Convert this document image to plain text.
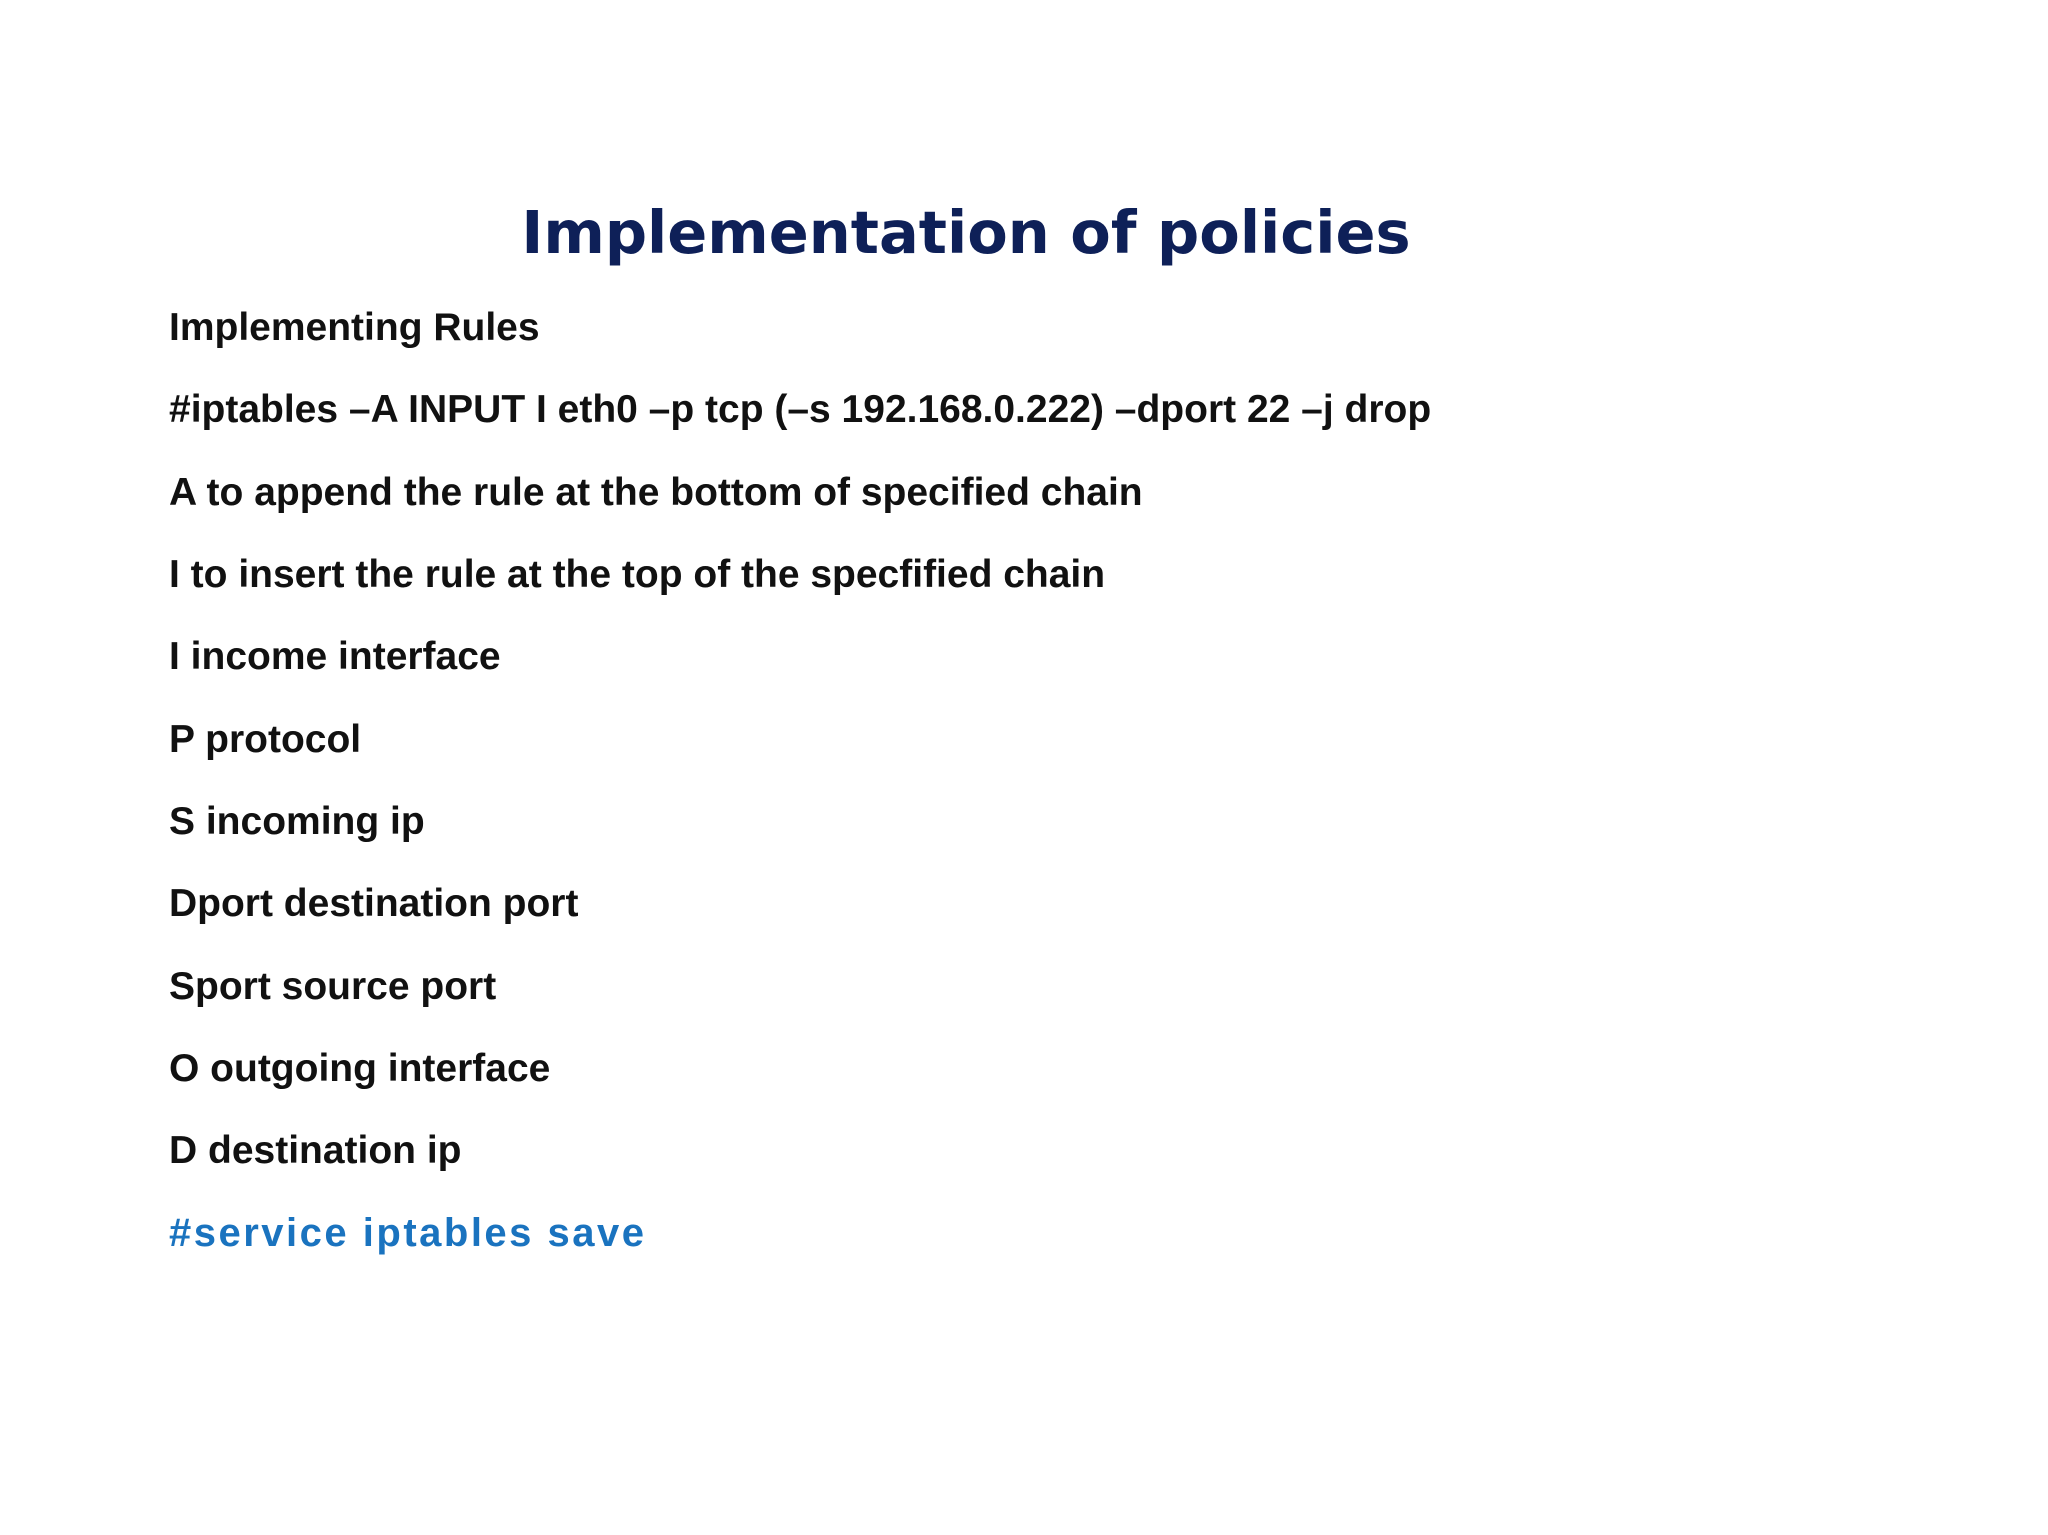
Implementation of policies
Implementing Rules
#iptables –A INPUT I eth0 –p tcp (–s 192.168.0.222) –dport 22 –j drop
A to append the rule at the bottom of specified chain
I to insert the rule at the top of the specfified chain
I income interface
P protocol
S incoming ip
Dport destination port
Sport source port
O outgoing interface
D destination ip
#service iptables save
